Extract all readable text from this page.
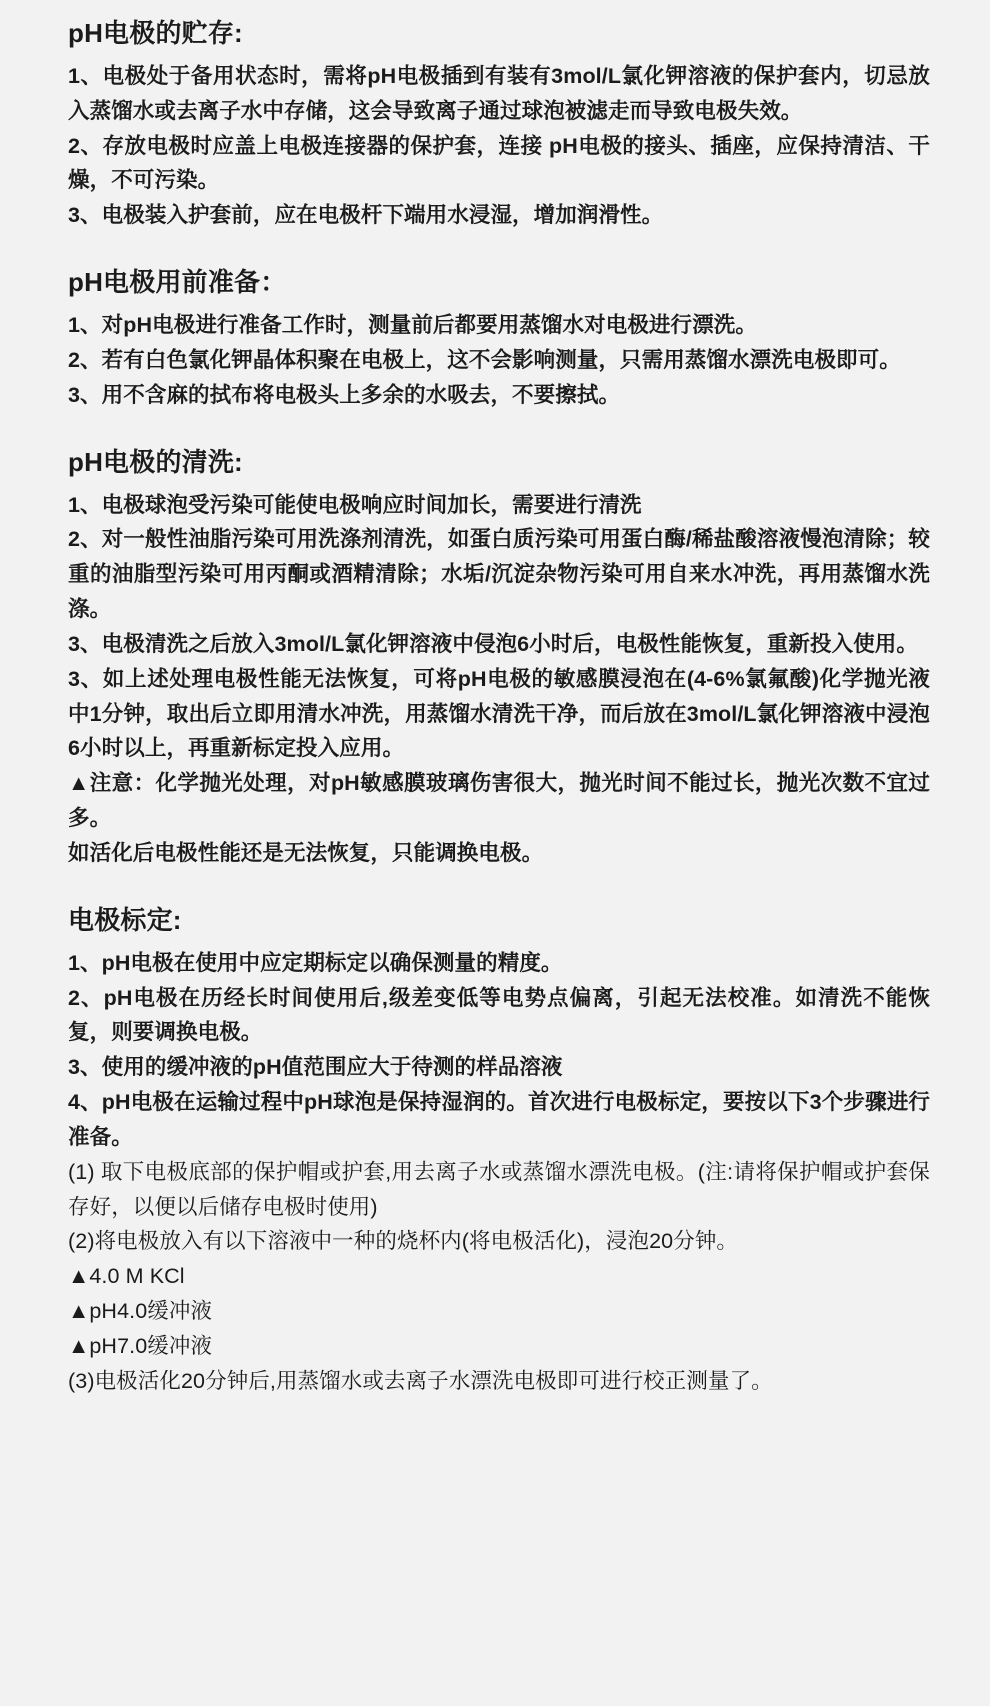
pH电极的贮存:

1、电极处于备用状态时，需将pH电极插到有装有3mol/L氯化钾溶液的保护套内，切忌放入蒸馏水或去离子水中存储，这会导致离子通过球泡被滤走而导致电极失效。

2、存放电极时应盖上电极连接器的保护套，连接 pH电极的接头、插座，应保持清洁、干燥，不可污染。

3、电极装入护套前，应在电极杆下端用水浸湿，增加润滑性。

pH电极用前准备：

1、对pH电极进行准备工作时，测量前后都要用蒸馏水对电极进行漂洗。

2、若有白色氯化钾晶体积聚在电极上，这不会影响测量，只需用蒸馏水漂洗电极即可。

3、用不含麻的拭布将电极头上多余的水吸去，不要擦拭。

pH电极的清洗:

1、电极球泡受污染可能使电极响应时间加长，需要进行清洗

2、对一般性油脂污染可用洗涤剂清洗，如蛋白质污染可用蛋白酶/稀盐酸溶液慢泡清除；较重的油脂型污染可用丙酮或酒精清除；水垢/沉淀杂物污染可用自来水冲洗，再用蒸馏水洗涤。

3、电极清洗之后放入3mol/L氯化钾溶液中侵泡6小时后，电极性能恢复，重新投入使用。

3、如上述处理电极性能无法恢复，可将pH电极的敏感膜浸泡在(4-6%氯氟酸)化学抛光液中1分钟，取出后立即用清水冲洗，用蒸馏水清洗干净，而后放在3mol/L氯化钾溶液中浸泡6小时以上，再重新标定投入应用。

▲注意：化学抛光处理，对pH敏感膜玻璃伤害很大，抛光时间不能过长，抛光次数不宜过多。

如活化后电极性能还是无法恢复，只能调换电极。

电极标定:

1、pH电极在使用中应定期标定以确保测量的精度。

2、pH电极在历经长时间使用后,级差变低等电势点偏离，引起无法校准。如清洗不能恢复，则要调换电极。

3、使用的缓冲液的pH值范围应大于待测的样品溶液

4、pH电极在运输过程中pH球泡是保持湿润的。首次进行电极标定，要按以下3个步骤进行准备。

(1) 取下电极底部的保护帽或护套,用去离子水或蒸馏水漂洗电极。(注:请将保护帽或护套保存好，以便以后储存电极时使用)

(2)将电极放入有以下溶液中一种的烧杯内(将电极活化)，浸泡20分钟。

▲4.0 M KCl

▲pH4.0缓冲液

▲pH7.0缓冲液

(3)电极活化20分钟后,用蒸馏水或去离子水漂洗电极即可进行校正测量了。
